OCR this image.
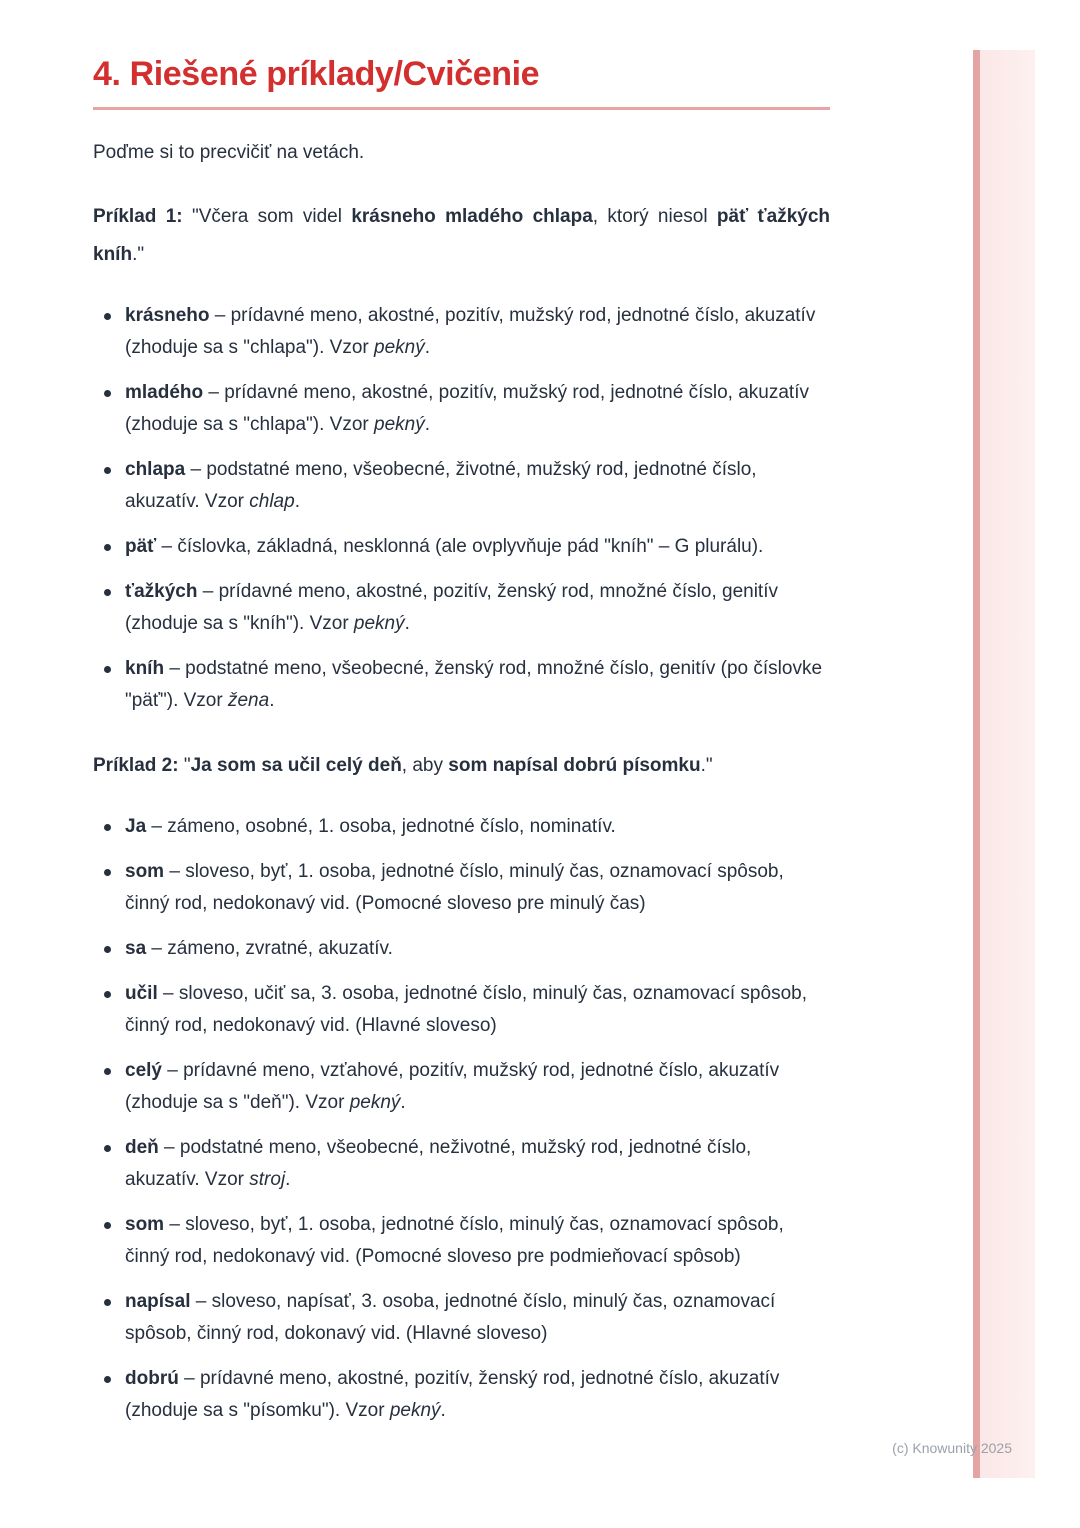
4. Riešené príklady/Cvičenie

Poďme si to precvičiť na vetách.

Príklad 1: "Včera som videl krásneho mladého chlapa, ktorý niesol päť ťažkých kníh."

krásneho – prídavné meno, akostné, pozitív, mužský rod, jednotné číslo, akuzatív (zhoduje sa s "chlapa"). Vzor pekný.
mladého – prídavné meno, akostné, pozitív, mužský rod, jednotné číslo, akuzatív (zhoduje sa s "chlapa"). Vzor pekný.
chlapa – podstatné meno, všeobecné, životné, mužský rod, jednotné číslo, akuzatív. Vzor chlap.
päť – číslovka, základná, nesklonná (ale ovplyvňuje pád "kníh" – G plurálu).
ťažkých – prídavné meno, akostné, pozitív, ženský rod, množné číslo, genitív (zhoduje sa s "kníh"). Vzor pekný.
kníh – podstatné meno, všeobecné, ženský rod, množné číslo, genitív (po číslovke "päť"). Vzor žena.

Príklad 2: "Ja som sa učil celý deň, aby som napísal dobrú písomku."

Ja – zámeno, osobné, 1. osoba, jednotné číslo, nominatív.
som – sloveso, byť, 1. osoba, jednotné číslo, minulý čas, oznamovací spôsob, činný rod, nedokonavý vid. (Pomocné sloveso pre minulý čas)
sa – zámeno, zvratné, akuzatív.
učil – sloveso, učiť sa, 3. osoba, jednotné číslo, minulý čas, oznamovací spôsob, činný rod, nedokonavý vid. (Hlavné sloveso)
celý – prídavné meno, vzťahové, pozitív, mužský rod, jednotné číslo, akuzatív (zhoduje sa s "deň"). Vzor pekný.
deň – podstatné meno, všeobecné, neživotné, mužský rod, jednotné číslo, akuzatív. Vzor stroj.
som – sloveso, byť, 1. osoba, jednotné číslo, minulý čas, oznamovací spôsob, činný rod, nedokonavý vid. (Pomocné sloveso pre podmieňovací spôsob)
napísal – sloveso, napísať, 3. osoba, jednotné číslo, minulý čas, oznamovací spôsob, činný rod, dokonavý vid. (Hlavné sloveso)
dobrú – prídavné meno, akostné, pozitív, ženský rod, jednotné číslo, akuzatív (zhoduje sa s "písomku"). Vzor pekný.
(c) Knowunity 2025
